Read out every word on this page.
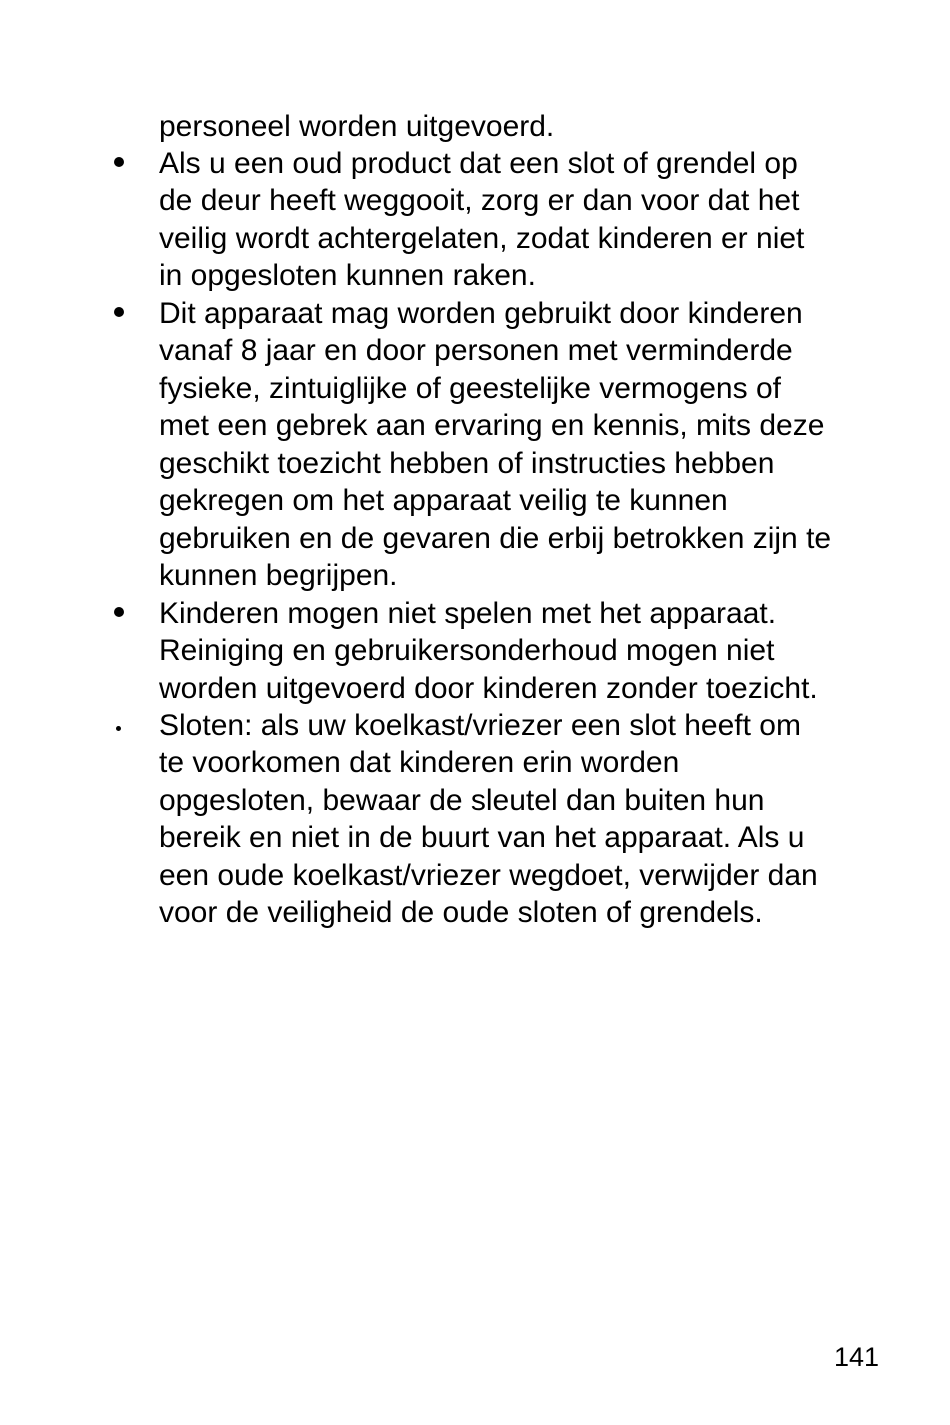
personeel worden uitgevoerd.
Als u een oud product dat een slot of grendel op
de deur heeft weggooit, zorg er dan voor dat het
veilig wordt achtergelaten, zodat kinderen er niet
in opgesloten kunnen raken.
Dit apparaat mag worden gebruikt door kinderen
vanaf 8 jaar en door personen met verminderde
fysieke, zintuiglijke of geestelijke vermogens of
met een gebrek aan ervaring en kennis, mits deze
geschikt toezicht hebben of instructies hebben
gekregen om het apparaat veilig te kunnen
gebruiken en de gevaren die erbij betrokken zijn te
kunnen begrijpen.
Kinderen mogen niet spelen met het apparaat.
Reiniging en gebruikersonderhoud mogen niet
worden uitgevoerd door kinderen zonder toezicht.
Sloten: als uw koelkast/vriezer een slot heeft om
te voorkomen dat kinderen erin worden
opgesloten, bewaar de sleutel dan buiten hun
bereik en niet in de buurt van het apparaat. Als u
een oude koelkast/vriezer wegdoet, verwijder dan
voor de veiligheid de oude sloten of grendels.
141
